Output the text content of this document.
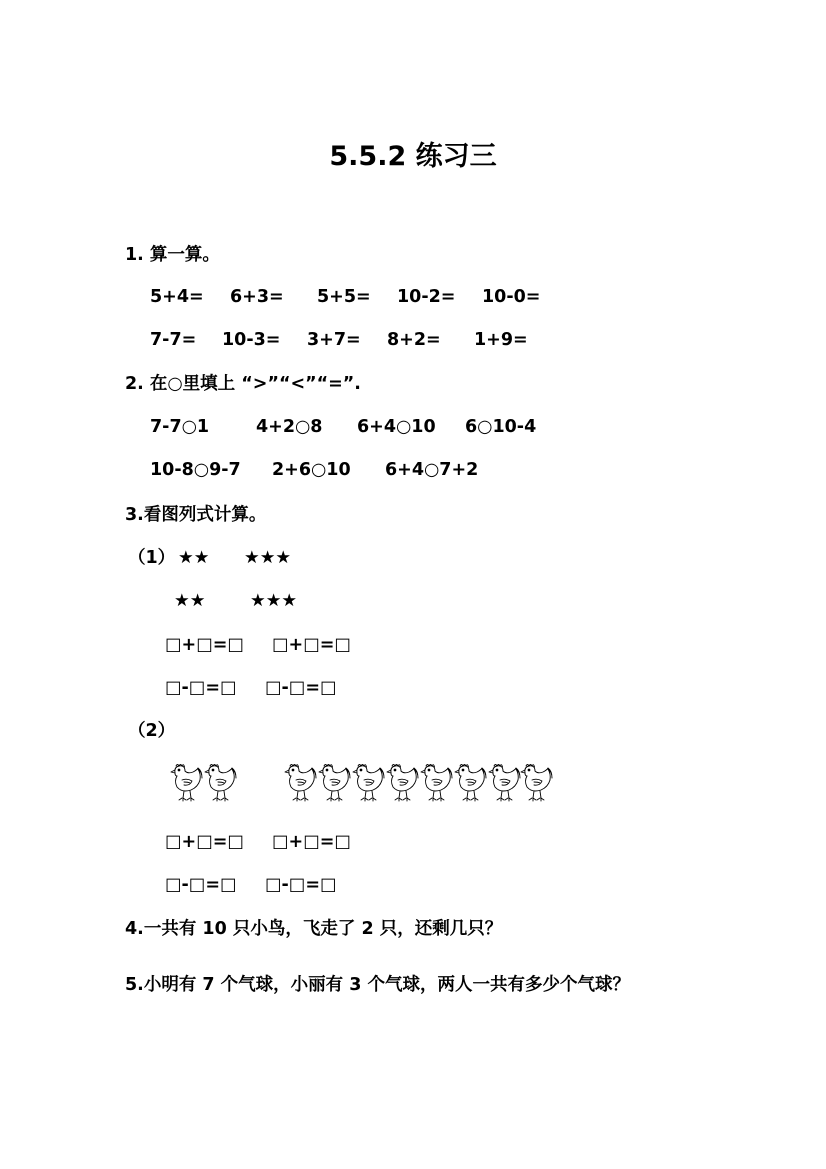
5.5.2 练习三
1. 算一算。

5+4=

6+3=

5+5=

10-2=

10-0=

7-7=

10-3=

3+7=

8+2=

1+9=

2. 在○里填上 “>”“<”“=”.

7-7○1

	4+2○8

6+4○10

6○10-4

10-8○9-7

2+6○10

6+4○7+2

3.看图列式计算。

（1）

★★

★★★

★★

	★★★

□+□=□

□+□=□

□-□=□

□-□=□

（2）

□+□=□

□+□=□

□-□=□

□-□=□

4.一共有 10 只小鸟，飞走了 2 只，还剩几只？
5.小明有 7 个气球，小丽有 3 个气球，两人一共有多少个气球？
